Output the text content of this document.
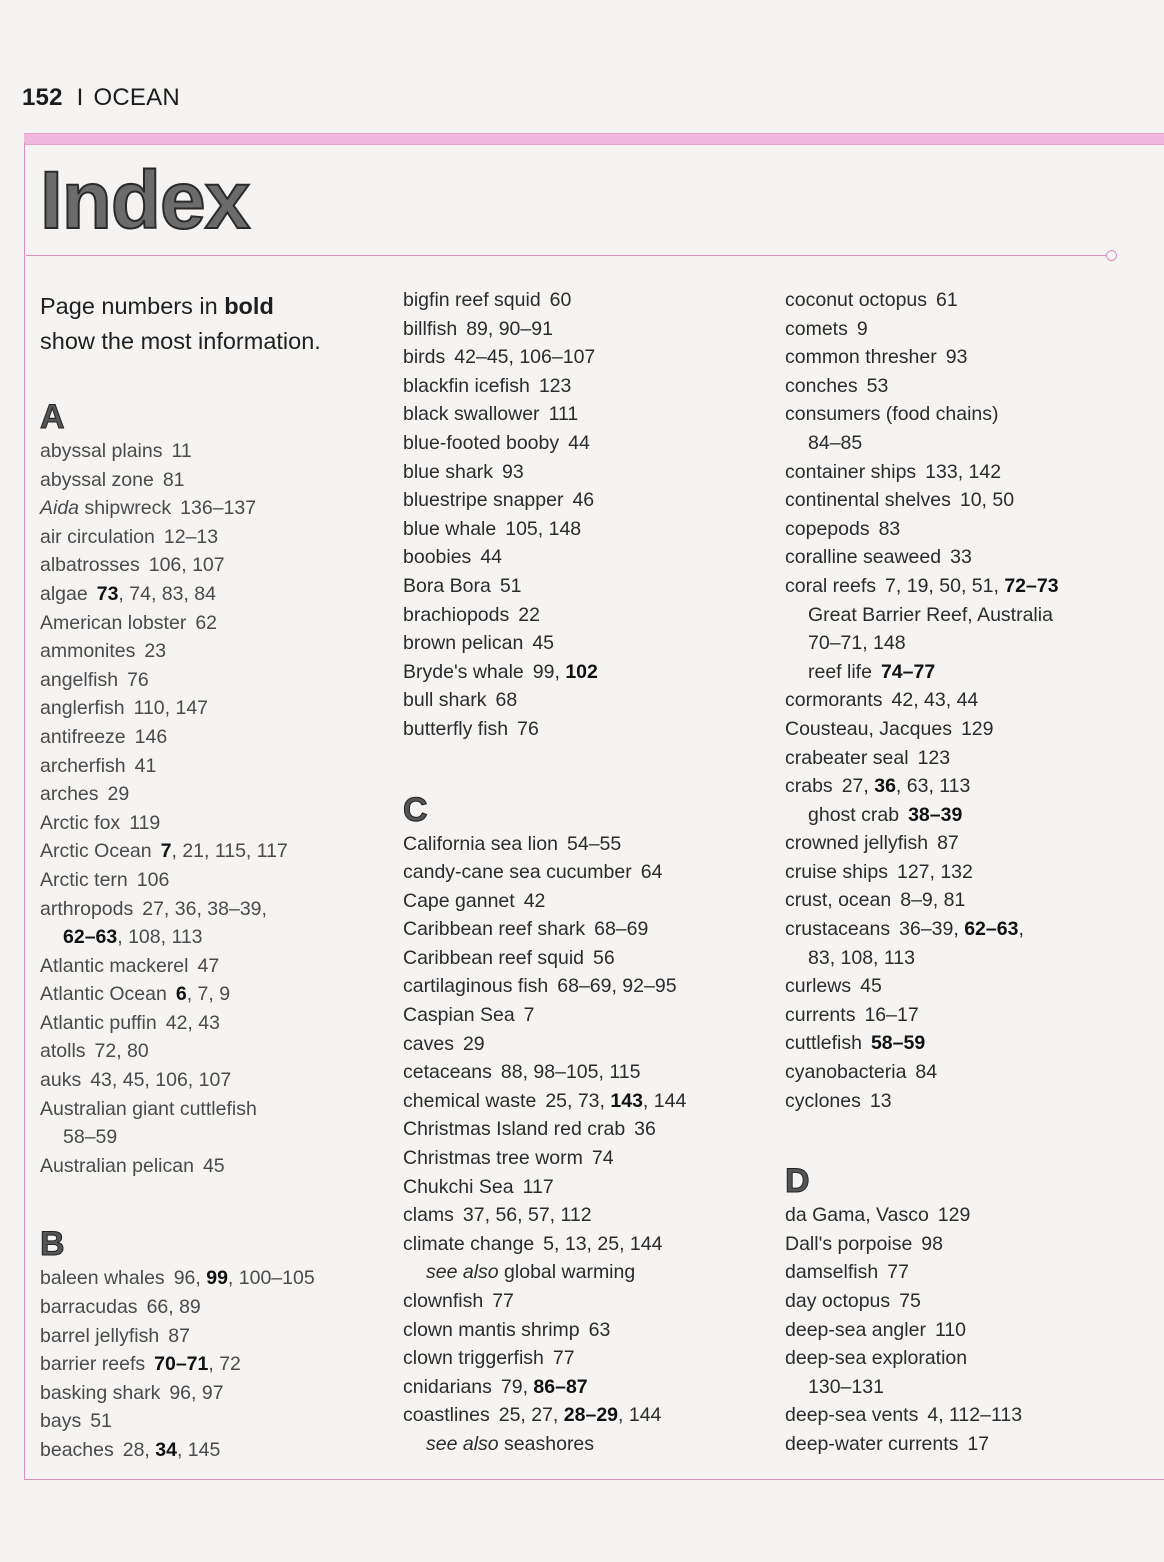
152 I OCEAN
Index

Page numbers in bold
show the most information.

A
abyssal plains 11
abyssal zone 81
Aida shipwreck 136–137
air circulation 12–13
albatrosses 106, 107
algae 73, 74, 83, 84
American lobster 62
ammonites 23
angelfish 76
anglerfish 110, 147
antifreeze 146
archerfish 41
arches 29
Arctic fox 119
Arctic Ocean 7, 21, 115, 117
Arctic tern 106
arthropods 27, 36, 38–39,
62–63, 108, 113
Atlantic mackerel 47
Atlantic Ocean 6, 7, 9
Atlantic puffin 42, 43
atolls 72, 80
auks 43, 45, 106, 107
Australian giant cuttlefish
58–59
Australian pelican 45
B
baleen whales 96, 99, 100–105
barracudas 66, 89
barrel jellyfish 87
barrier reefs 70–71, 72
basking shark 96, 97
bays 51
beaches 28, 34, 145
bigfin reef squid 60
billfish 89, 90–91
birds 42–45, 106–107
blackfin icefish 123
black swallower 111
blue-footed booby 44
blue shark 93
bluestripe snapper 46
blue whale 105, 148
boobies 44
Bora Bora 51
brachiopods 22
brown pelican 45
Bryde's whale 99, 102
bull shark 68
butterfly fish 76
C
California sea lion 54–55
candy-cane sea cucumber 64
Cape gannet 42
Caribbean reef shark 68–69
Caribbean reef squid 56
cartilaginous fish 68–69, 92–95
Caspian Sea 7
caves 29
cetaceans 88, 98–105, 115
chemical waste 25, 73, 143, 144
Christmas Island red crab 36
Christmas tree worm 74
Chukchi Sea 117
clams 37, 56, 57, 112
climate change 5, 13, 25, 144
see also global warming
clownfish 77
clown mantis shrimp 63
clown triggerfish 77
cnidarians 79, 86–87
coastlines 25, 27, 28–29, 144
see also seashores
coconut octopus 61
comets 9
common thresher 93
conches 53
consumers (food chains)
84–85
container ships 133, 142
continental shelves 10, 50
copepods 83
coralline seaweed 33
coral reefs 7, 19, 50, 51, 72–73
Great Barrier Reef, Australia
70–71, 148
reef life 74–77
cormorants 42, 43, 44
Cousteau, Jacques 129
crabeater seal 123
crabs 27, 36, 63, 113
ghost crab 38–39
crowned jellyfish 87
cruise ships 127, 132
crust, ocean 8–9, 81
crustaceans 36–39, 62–63,
83, 108, 113
curlews 45
currents 16–17
cuttlefish 58–59
cyanobacteria 84
cyclones 13
D
da Gama, Vasco 129
Dall's porpoise 98
damselfish 77
day octopus 75
deep-sea angler 110
deep-sea exploration
130–131
deep-sea vents 4, 112–113
deep-water currents 17
